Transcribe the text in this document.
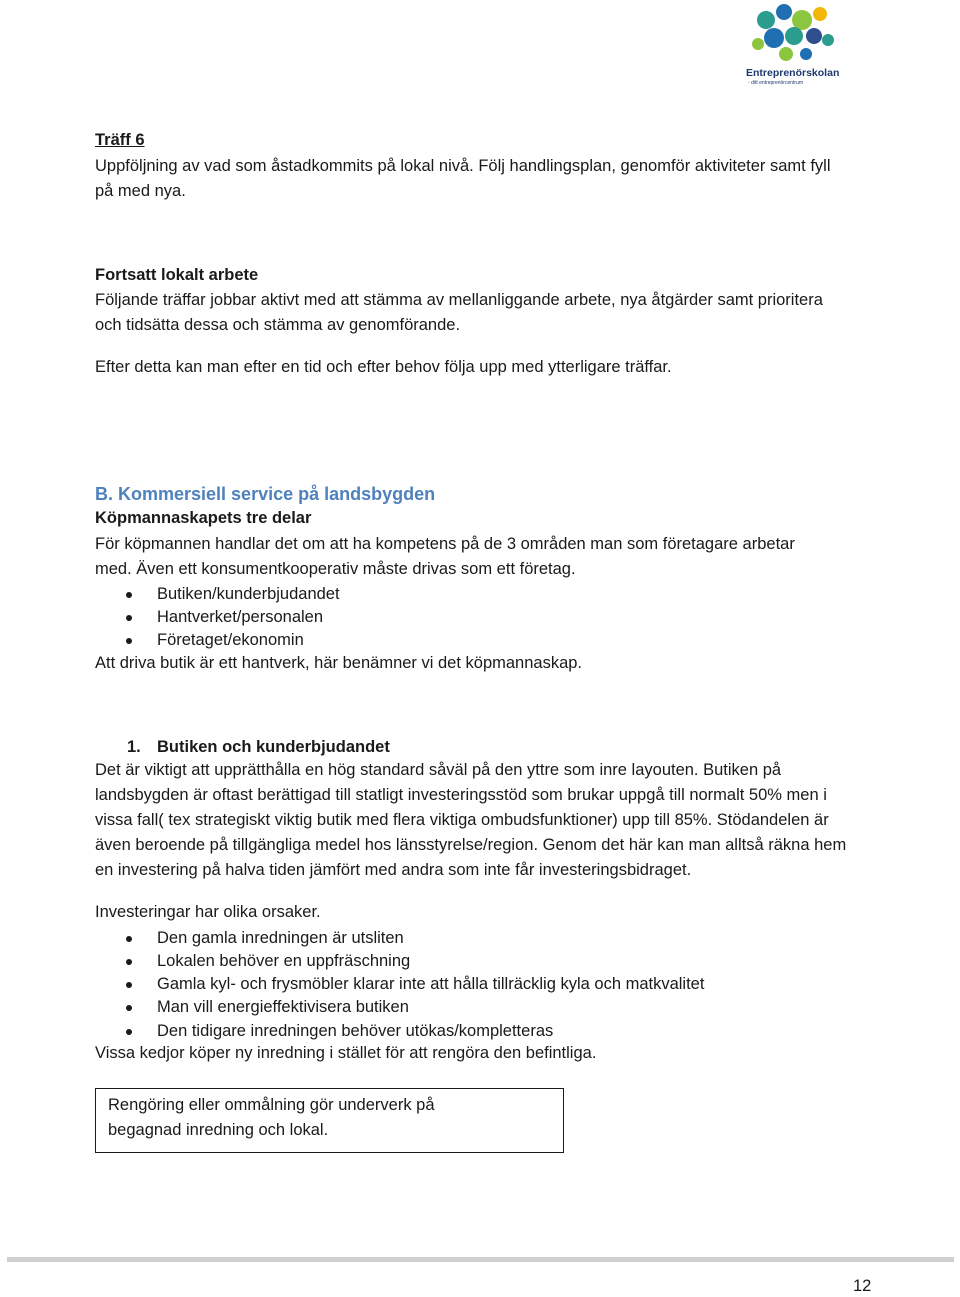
Entreprenörskolan
- ditt entreprenörcentrum
Träff 6
Uppföljning av vad som åstadkommits på lokal nivå. Följ handlingsplan, genomför aktiviteter samt fyll
på med nya.
Fortsatt lokalt arbete
Följande träffar jobbar aktivt med att stämma av mellanliggande arbete, nya åtgärder samt prioritera
och tidsätta dessa och stämma av genomförande.
Efter detta kan man efter en tid och efter behov följa upp med ytterligare träffar.
B. Kommersiell service på landsbygden
Köpmannaskapets tre delar
För köpmannen handlar det om att ha kompetens på de 3 områden man som företagare arbetar
med. Även ett konsumentkooperativ måste drivas som ett företag.
Butiken/kunderbjudandet
Hantverket/personalen
Företaget/ekonomin
Att driva butik är ett hantverk, här benämner vi det köpmannaskap.
1. Butiken och kunderbjudandet
Det är viktigt att upprätthålla en hög standard såväl på den yttre som inre layouten. Butiken på
landsbygden är oftast berättigad till statligt investeringsstöd som brukar uppgå till normalt 50% men i
vissa fall( tex strategiskt viktig butik med flera viktiga ombudsfunktioner) upp till 85%. Stödandelen är
även beroende på tillgängliga medel hos länsstyrelse/region. Genom det här kan man alltså räkna hem
en investering på halva tiden jämfört med andra som inte får investeringsbidraget.
Investeringar har olika orsaker.
Den gamla inredningen är utsliten
Lokalen behöver en uppfräschning
Gamla kyl- och frysmöbler klarar inte att hålla tillräcklig kyla och matkvalitet
Man vill energieffektivisera butiken
Den tidigare inredningen behöver utökas/kompletteras
Vissa kedjor köper ny inredning i stället för att rengöra den befintliga.
Rengöring eller ommålning gör underverk på
begagnad inredning och lokal.
12
